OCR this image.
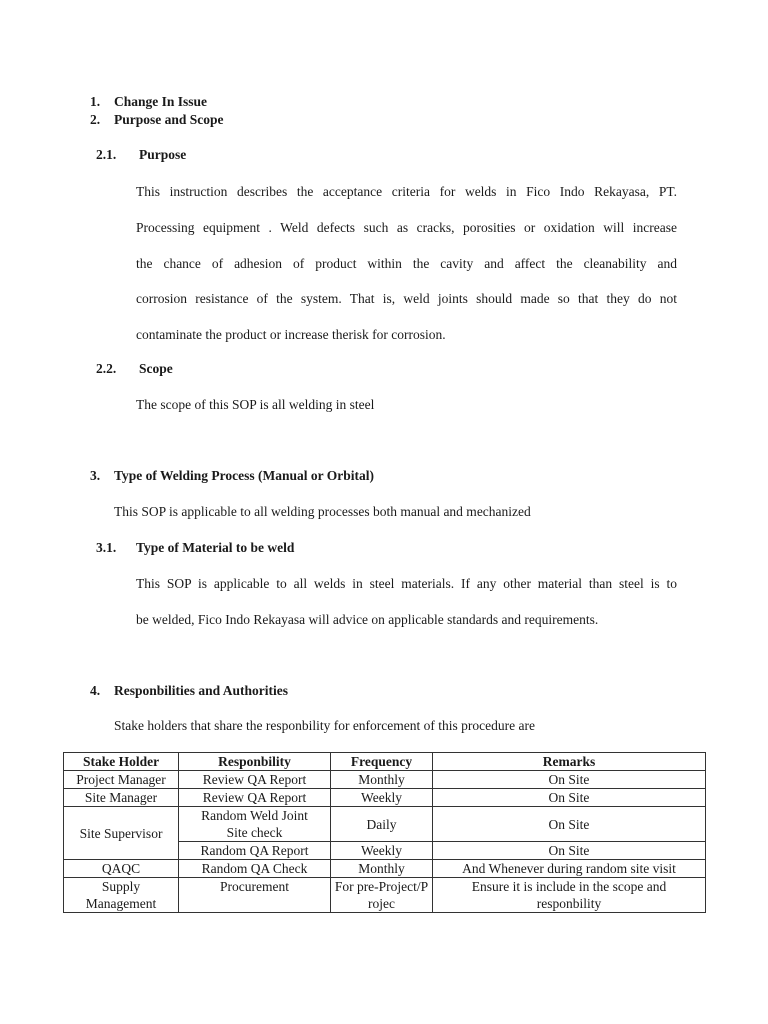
1. Change In Issue
2. Purpose and Scope
2.1. Purpose
This instruction describes the acceptance criteria for welds in Fico Indo Rekayasa, PT.
Processing equipment . Weld defects such as cracks, porosities or oxidation will increase
the chance of adhesion of product within the cavity and affect the cleanability and
corrosion resistance of the system. That is, weld joints should made so that they do not
contaminate the product or increase therisk for corrosion.
2.2. Scope
The scope of this SOP is all welding in steel
3. Type of Welding Process (Manual or Orbital)
This SOP is applicable to all welding processes both manual and mechanized
3.1. Type of Material to be weld
This SOP is applicable to all welds in steel materials. If any other material than steel is to
be welded, Fico Indo Rekayasa will advice on applicable standards and requirements.
4. Responbilities and Authorities
Stake holders that share the responbility for enforcement of this procedure are
Stake Holder	Responbility	Frequency	Remarks
Project Manager	Review QA Report	Monthly	On Site
Site Manager	Review QA Report	Weekly	On Site
Site Supervisor	Random Weld Joint Site check	Daily	On Site
	Random QA Report	Weekly	On Site
QAQC	Random QA Check	Monthly	And Whenever during random site visit
Supply Management	Procurement	For pre-Project/Projec	Ensure it is include in the scope and responbility
